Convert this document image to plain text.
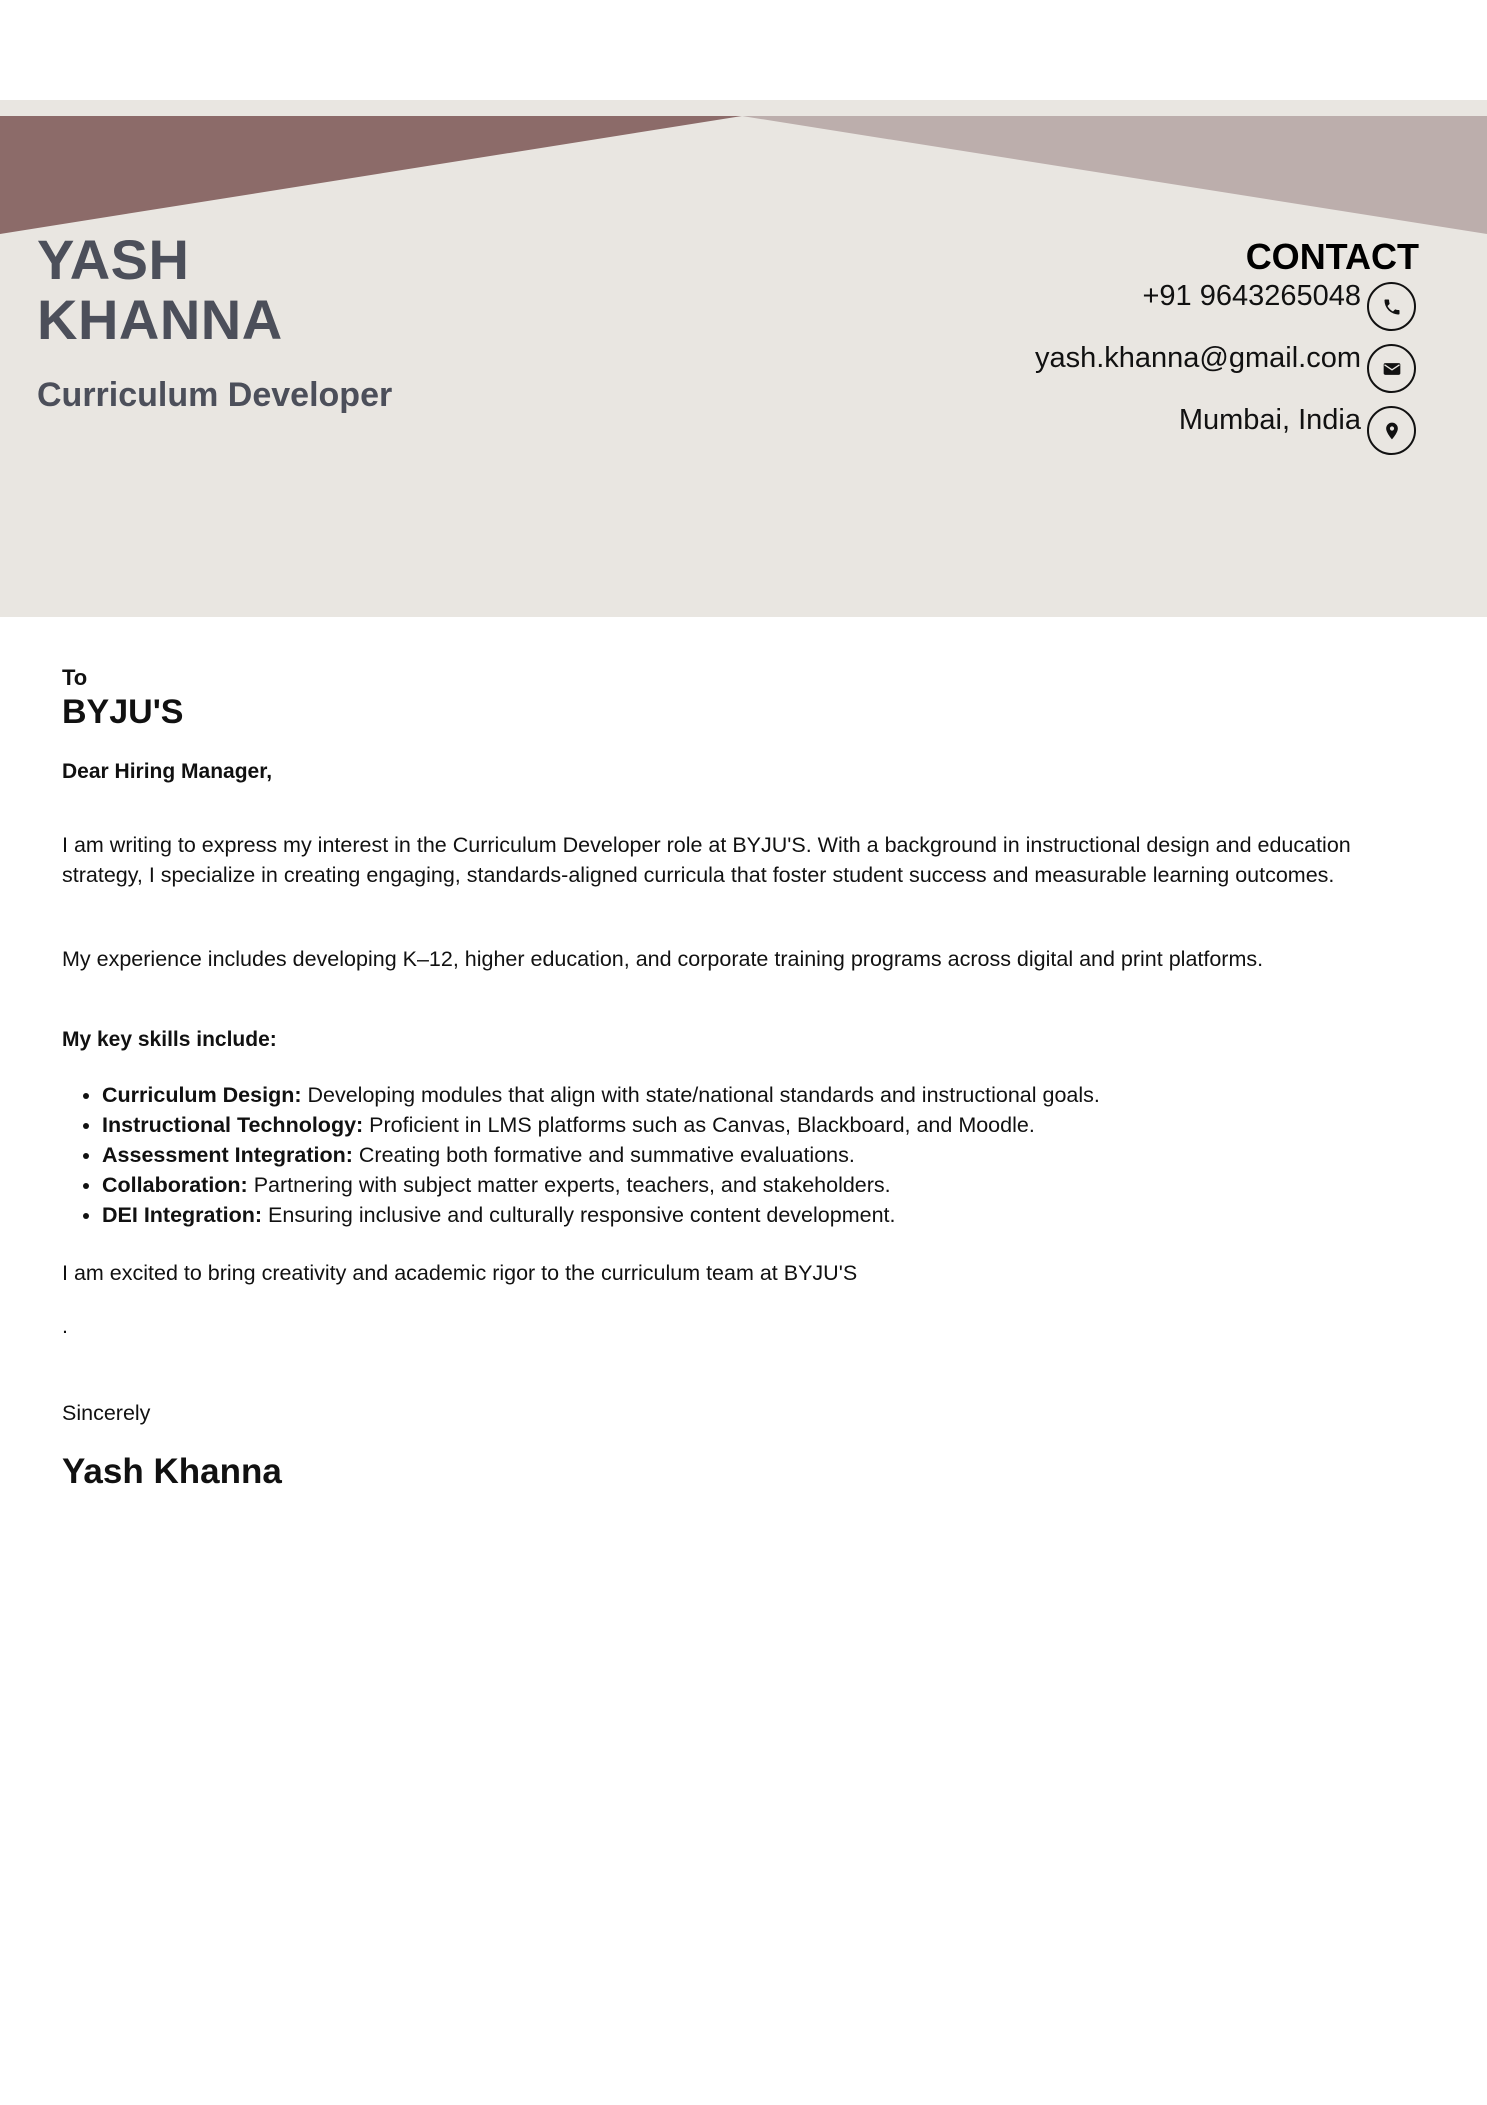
YASH
KHANNA
Curriculum Developer
CONTACT
+91 9643265048
yash.khanna@gmail.com
Mumbai, India
To
BYJU'S
Dear Hiring Manager,
I am writing to express my interest in the Curriculum Developer role at BYJU'S. With a background in instructional design and education strategy, I specialize in creating engaging, standards-aligned curricula that foster student success and measurable learning outcomes.
My experience includes developing K–12, higher education, and corporate training programs across digital and print platforms.
My key skills include:
• Curriculum Design: Developing modules that align with state/national standards and instructional goals.
• Instructional Technology: Proficient in LMS platforms such as Canvas, Blackboard, and Moodle.
• Assessment Integration: Creating both formative and summative evaluations.
• Collaboration: Partnering with subject matter experts, teachers, and stakeholders.
• DEI Integration: Ensuring inclusive and culturally responsive content development.
I am excited to bring creativity and academic rigor to the curriculum team at BYJU'S
.
Sincerely
Yash Khanna
